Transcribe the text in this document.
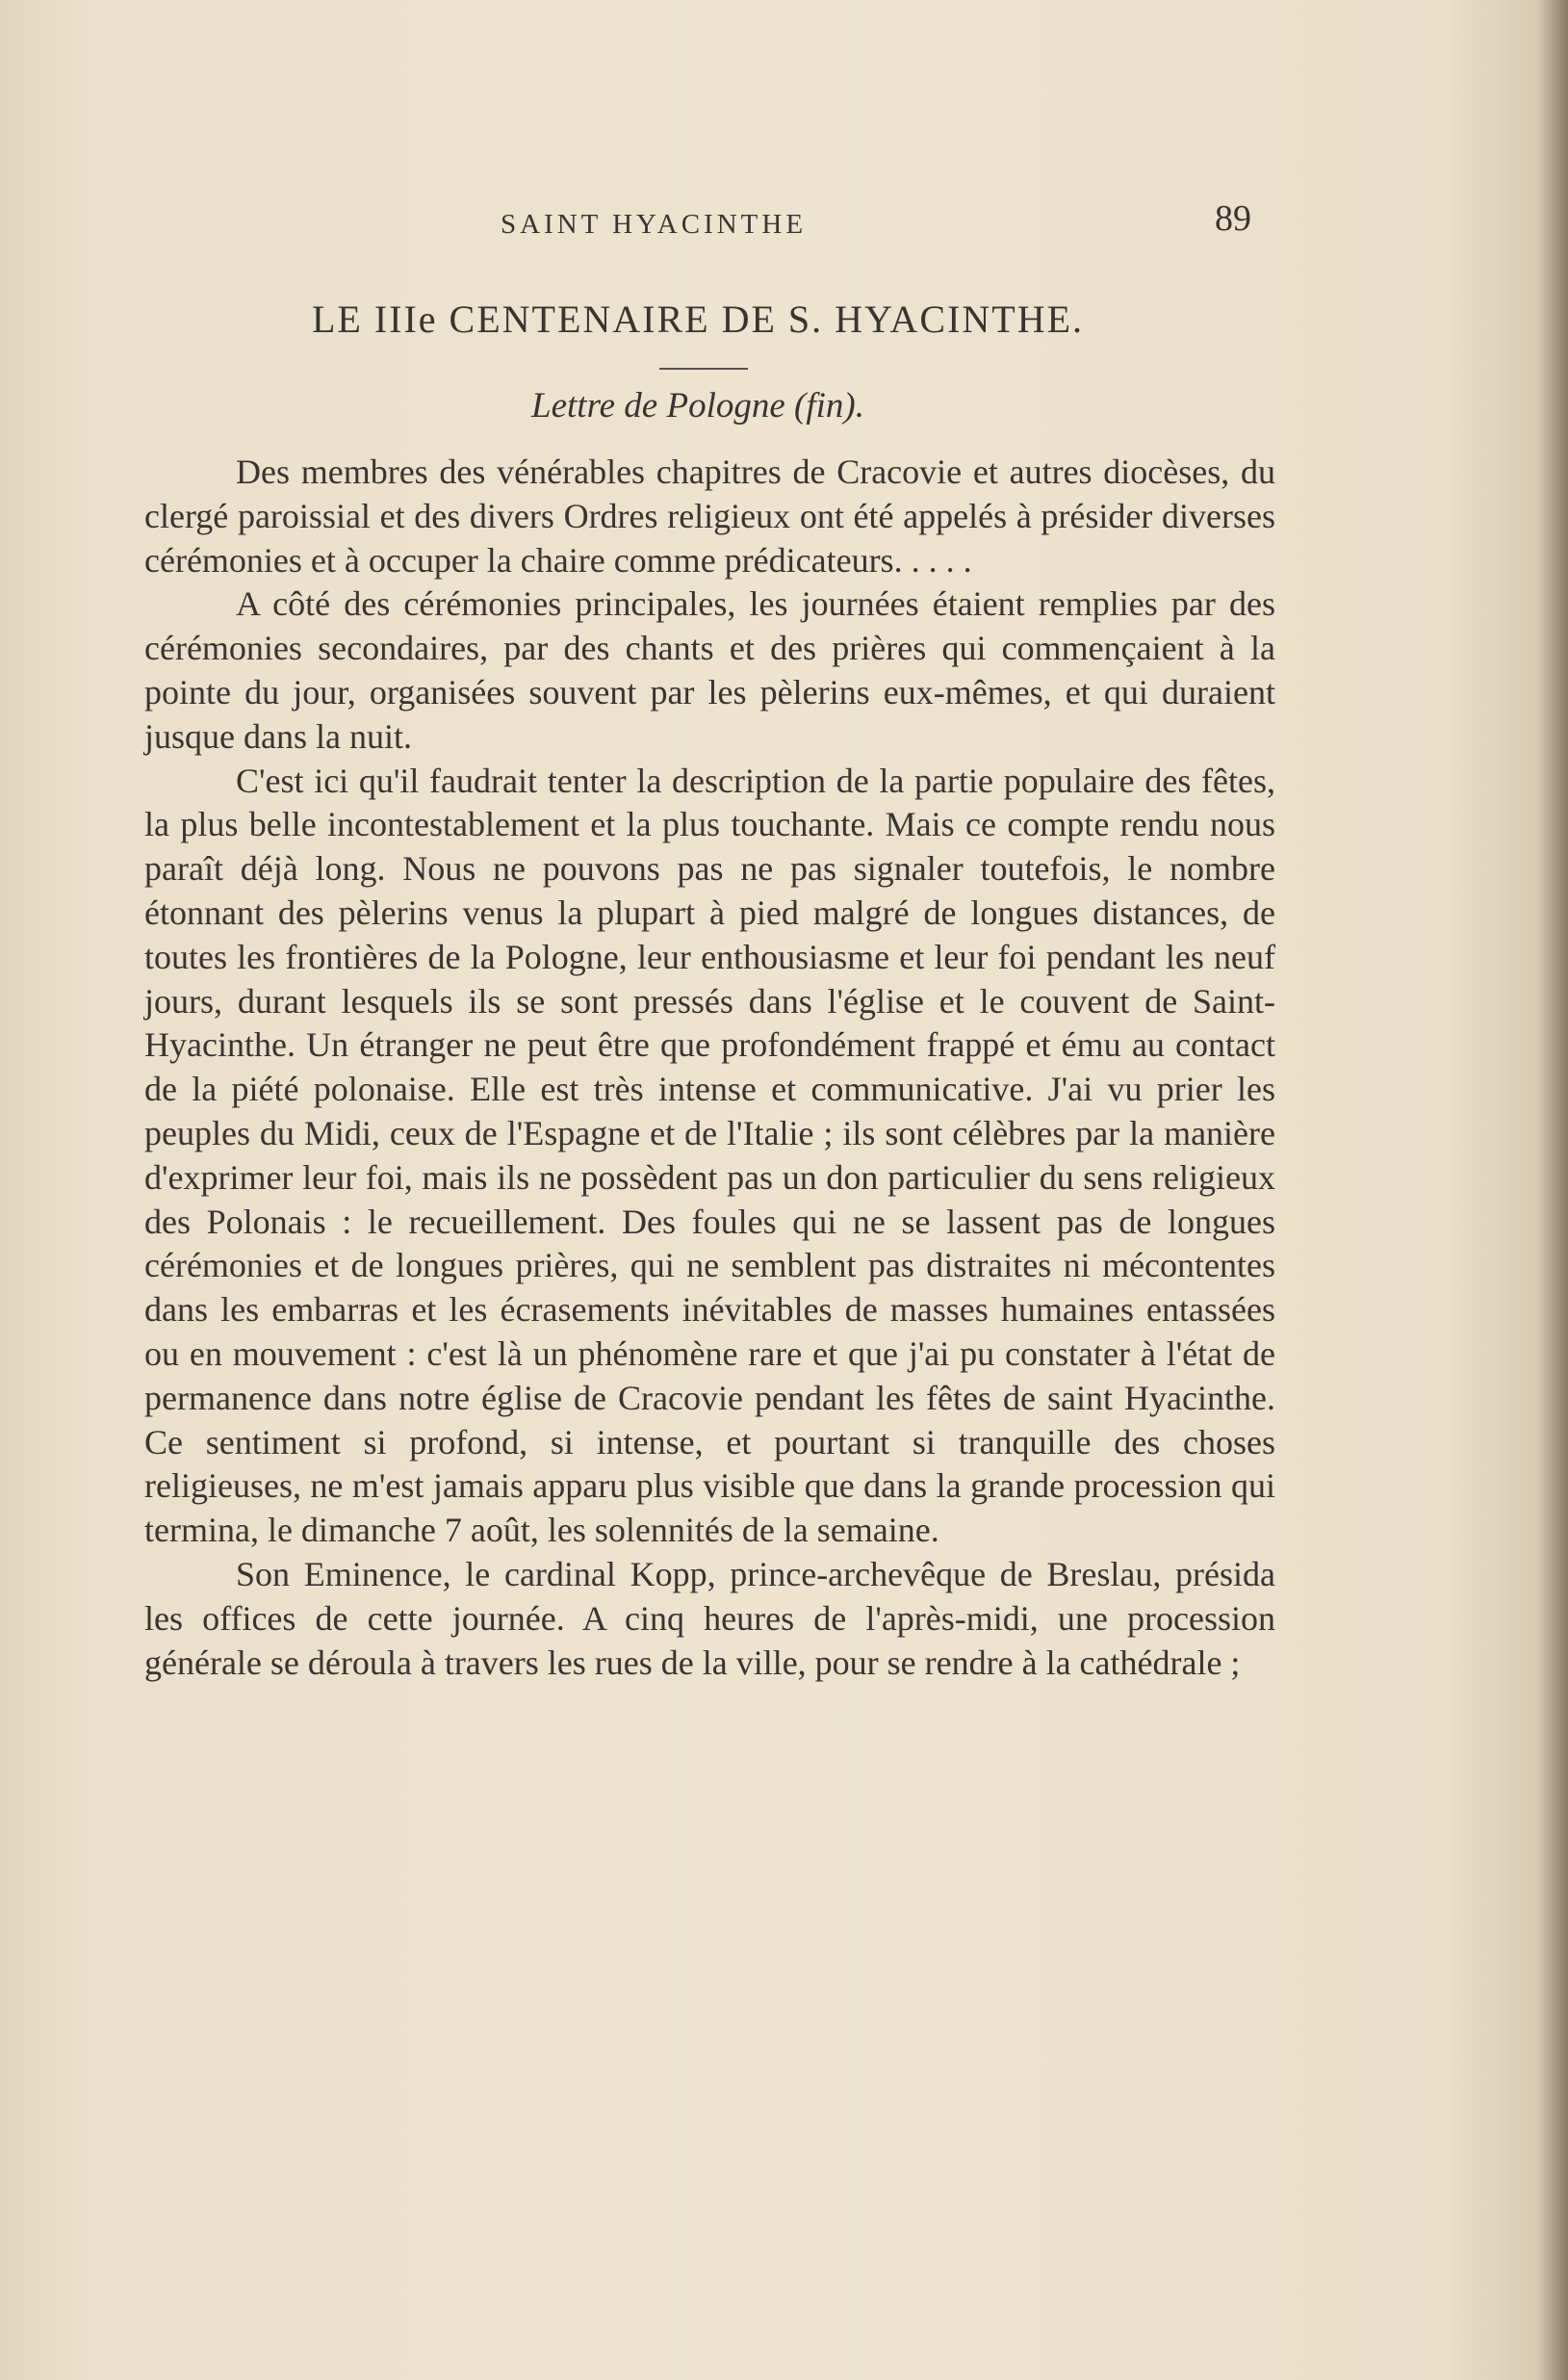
SAINT HYACINTHE	89
LE IIIe CENTENAIRE DE S. HYACINTHE.
Lettre de Pologne (fin).

Des membres des vénérables chapitres de Cracovie et autres diocèses, du clergé paroissial et des divers Ordres religieux ont été appelés à présider diverses cérémonies et à occuper la chaire comme prédicateurs. . . . .

A côté des cérémonies principales, les journées étaient remplies par des cérémonies secondaires, par des chants et des prières qui commençaient à la pointe du jour, organisées souvent par les pèlerins eux-mêmes, et qui duraient jusque dans la nuit.

C'est ici qu'il faudrait tenter la description de la partie populaire des fêtes, la plus belle incontestablement et la plus touchante. Mais ce compte rendu nous paraît déjà long. Nous ne pouvons pas ne pas signaler toutefois, le nombre étonnant des pèlerins venus la plupart à pied malgré de longues distances, de toutes les frontières de la Pologne, leur enthousiasme et leur foi pendant les neuf jours, durant lesquels ils se sont pressés dans l'église et le couvent de Saint-Hyacinthe. Un étranger ne peut être que profondément frappé et ému au contact de la piété polonaise. Elle est très intense et communicative. J'ai vu prier les peuples du Midi, ceux de l'Espagne et de l'Italie ; ils sont célèbres par la manière d'exprimer leur foi, mais ils ne possèdent pas un don particulier du sens religieux des Polonais : le recueillement. Des foules qui ne se lassent pas de longues cérémonies et de longues prières, qui ne semblent pas distraites ni mécontentes dans les embarras et les écrasements inévitables de masses humaines entassées ou en mouvement : c'est là un phénomène rare et que j'ai pu constater à l'état de permanence dans notre église de Cracovie pendant les fêtes de saint Hyacinthe. Ce sentiment si profond, si intense, et pourtant si tranquille des choses religieuses, ne m'est jamais apparu plus visible que dans la grande procession qui termina, le dimanche 7 août, les solennités de la semaine.

Son Eminence, le cardinal Kopp, prince-archevêque de Breslau, présida les offices de cette journée. A cinq heures de l'après-midi, une procession générale se déroula à travers les rues de la ville, pour se rendre à la cathédrale ;
